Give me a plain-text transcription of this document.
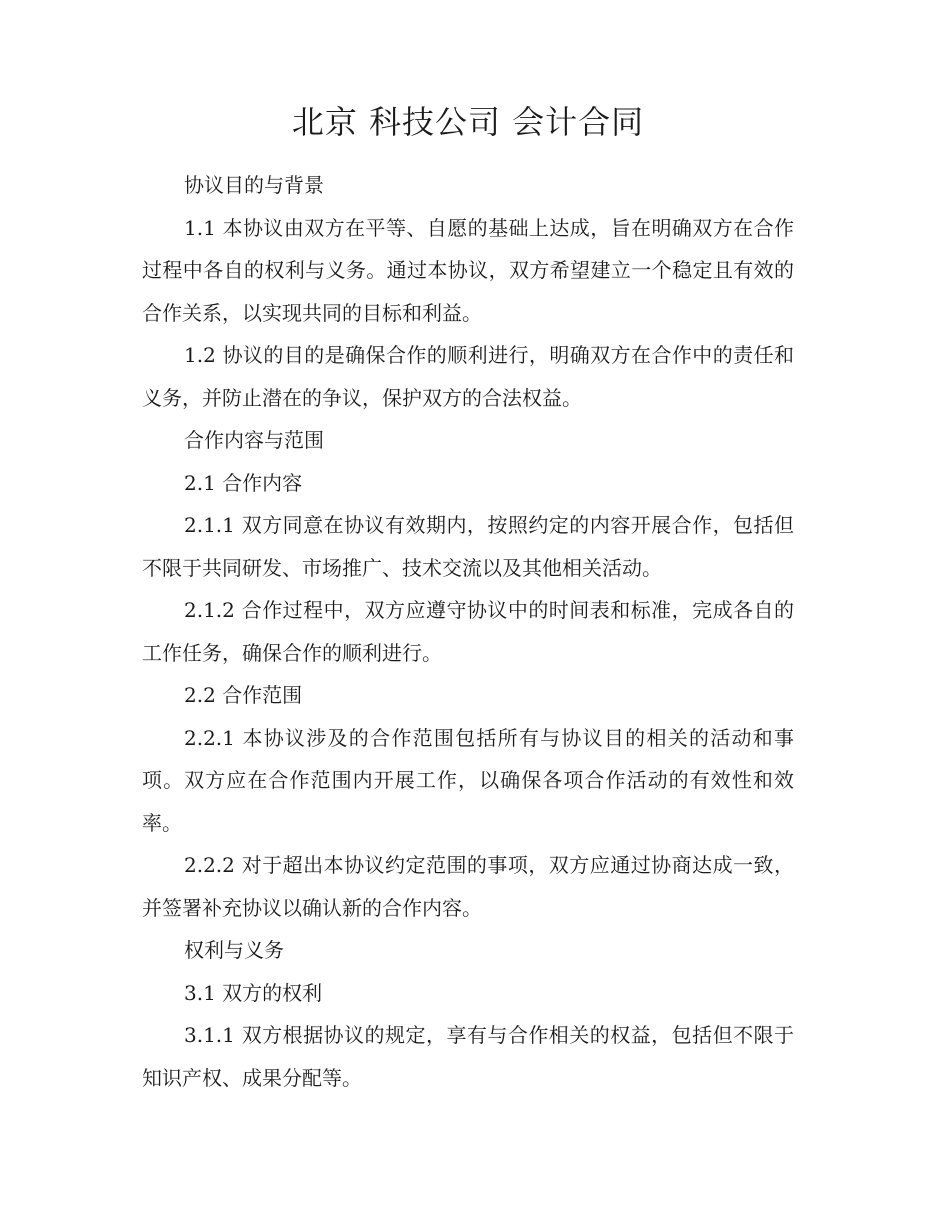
北京 科技公司 会计合同

协议目的与背景

1.1 本协议由双方在平等、自愿的基础上达成，旨在明确双方在合作过程中各自的权利与义务。通过本协议，双方希望建立一个稳定且有效的合作关系，以实现共同的目标和利益。

1.2 协议的目的是确保合作的顺利进行，明确双方在合作中的责任和义务，并防止潜在的争议，保护双方的合法权益。

合作内容与范围

2.1 合作内容

2.1.1 双方同意在协议有效期内，按照约定的内容开展合作，包括但不限于共同研发、市场推广、技术交流以及其他相关活动。

2.1.2 合作过程中，双方应遵守协议中的时间表和标准，完成各自的工作任务，确保合作的顺利进行。

2.2 合作范围

2.2.1 本协议涉及的合作范围包括所有与协议目的相关的活动和事项。双方应在合作范围内开展工作，以确保各项合作活动的有效性和效率。

2.2.2 对于超出本协议约定范围的事项，双方应通过协商达成一致，并签署补充协议以确认新的合作内容。

权利与义务

3.1 双方的权利

3.1.1 双方根据协议的规定，享有与合作相关的权益，包括但不限于知识产权、成果分配等。
